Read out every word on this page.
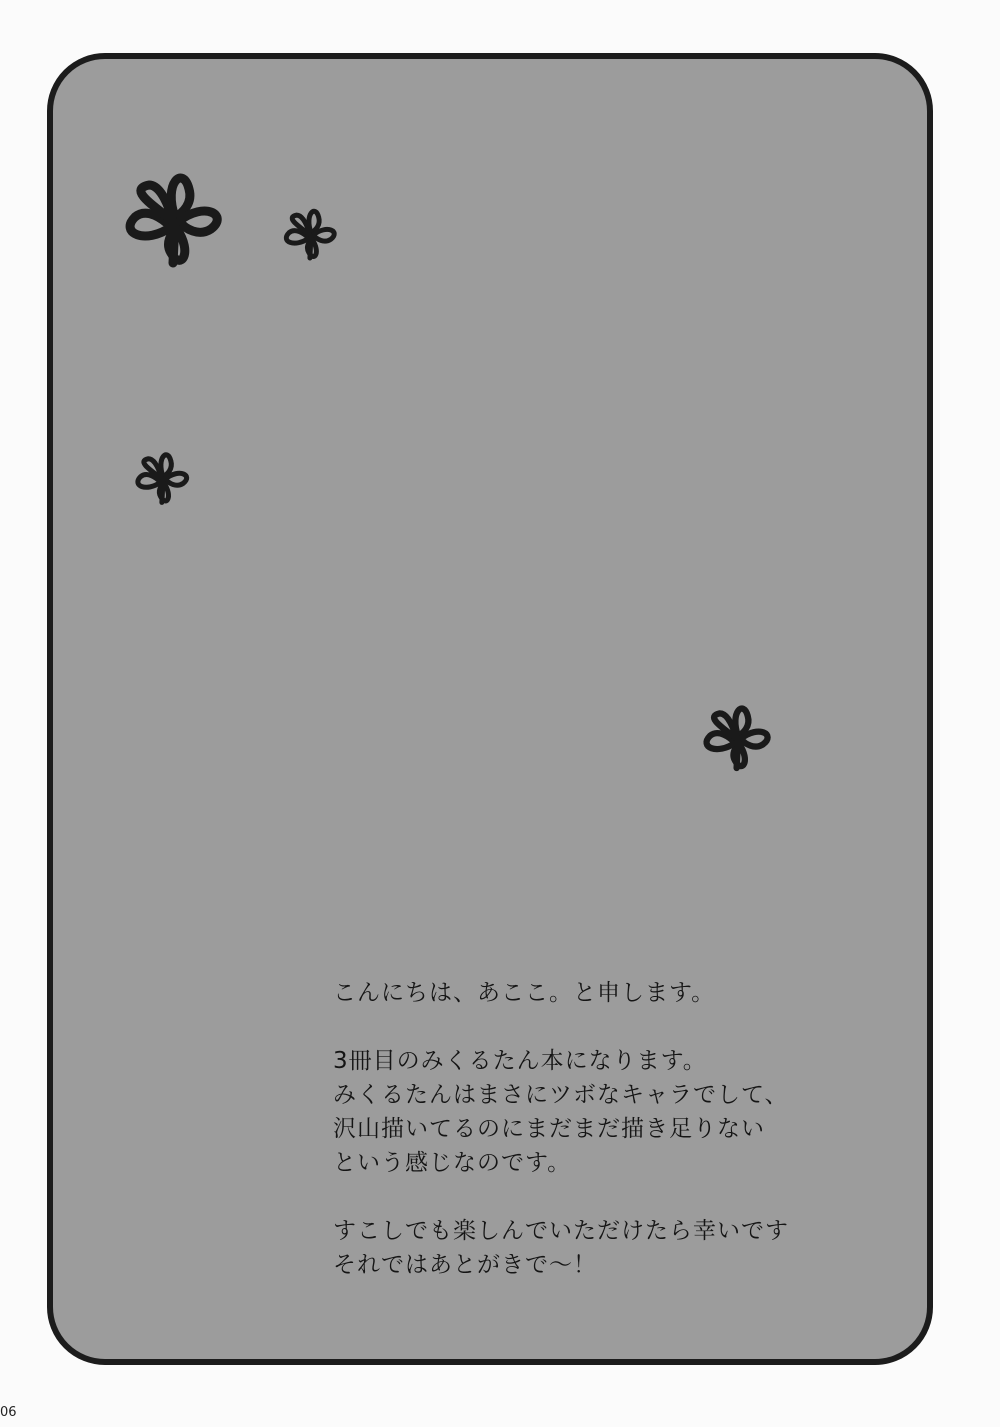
こんにちは、あここ。と申します。

3冊目のみくるたん本になります。
みくるたんはまさにツボなキャラでして、
沢山描いてるのにまだまだ描き足りない
という感じなのです。

すこしでも楽しんでいただけたら幸いです
それではあとがきで～！

06
